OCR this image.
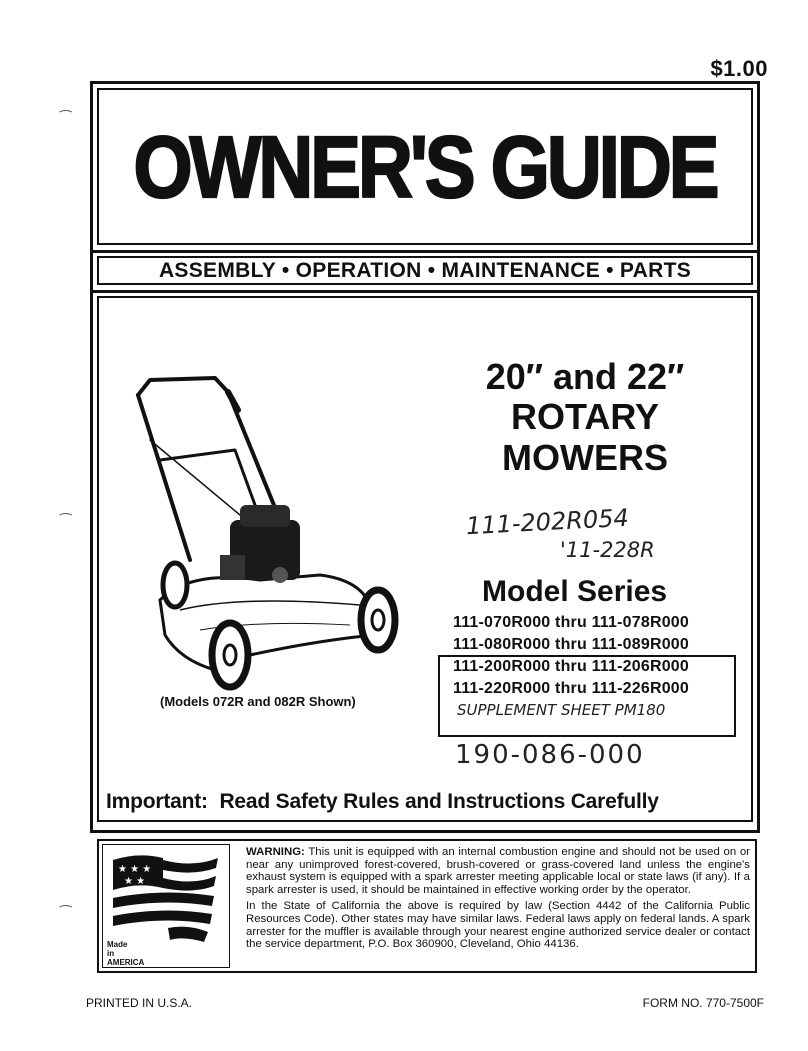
$1.00
OWNER'S GUIDE
ASSEMBLY • OPERATION • MAINTENANCE • PARTS
20″ and 22″
ROTARY
MOWERS
111-202R054
'11-228R
Model Series
111-070R000 thru 111-078R000
111-080R000 thru 111-089R000
111-200R000 thru 111-206R000
111-220R000 thru 111-226R000
SUPPLEMENT SHEET PM180
(Models 072R and 082R Shown)
190-086-000
Important: Read Safety Rules and Instructions Carefully
★ ★ ★
★ ★
Made
in
AMERICA

WARNING: This unit is equipped with an internal combustion engine and should not be used on or near any unimproved forest-covered, brush-covered or grass-covered land unless the engine's exhaust system is equipped with a spark arrester meeting applicable local or state laws (if any). If a spark arrester is used, it should be maintained in effective working order by the operator.

In the State of California the above is required by law (Section 4442 of the California Public Resources Code). Other states may have similar laws. Federal laws apply on federal lands. A spark arrester for the muffler is available through your nearest engine authorized service dealer or contact the service department, P.O. Box 360900, Cleveland, Ohio 44136.

PRINTED IN U.S.A.	FORM NO. 770-7500F
⁀
⁀
⁀
